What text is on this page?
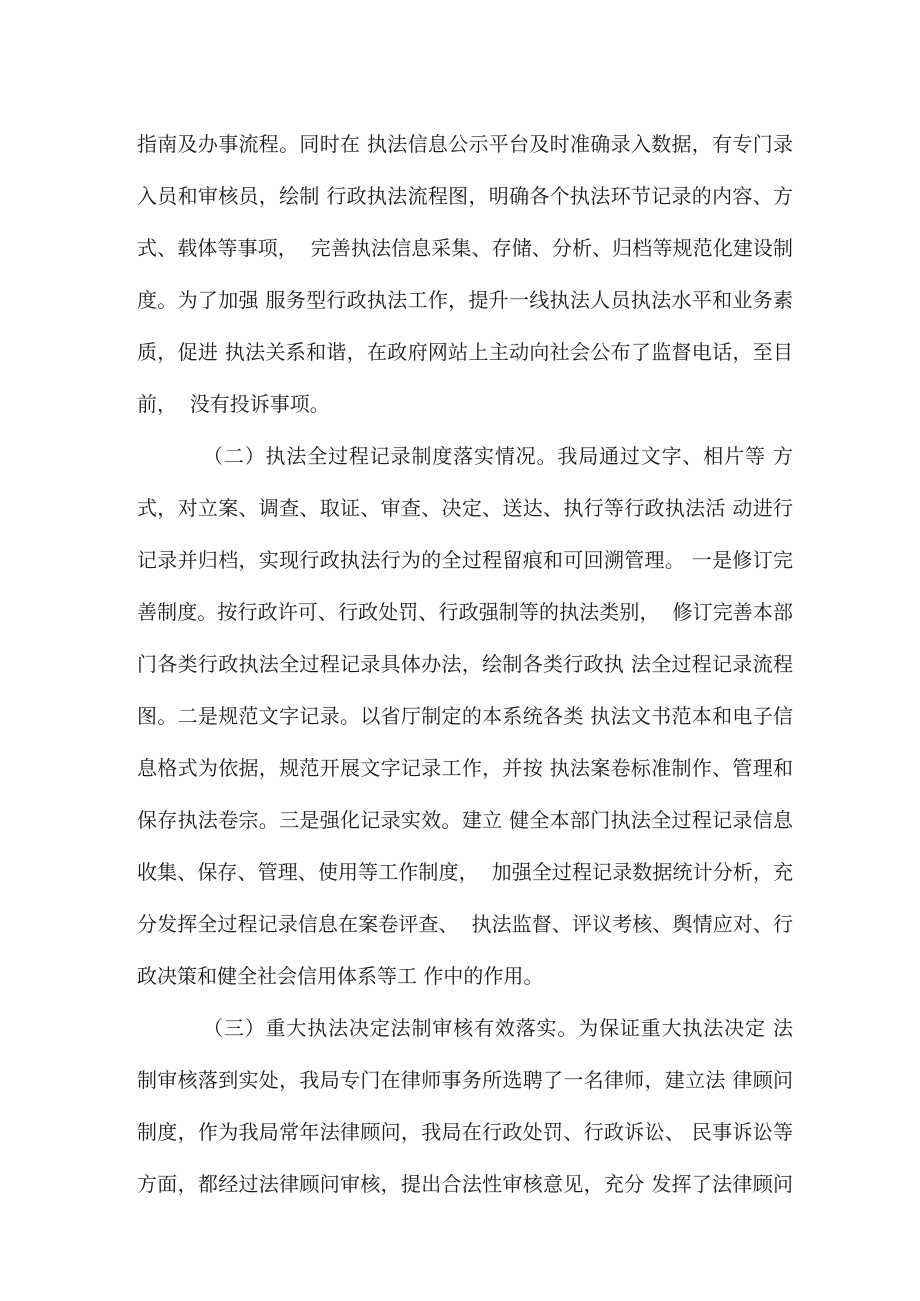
指南及办事流程。同时在 执法信息公示平台及时准确录入数据，有专门录
入员和审核员，绘制 行政执法流程图，明确各个执法环节记录的内容、方
式、载体等事项，  完善执法信息采集、存储、分析、归档等规范化建设制
度。为了加强 服务型行政执法工作，提升一线执法人员执法水平和业务素
质，促进 执法关系和谐，在政府网站上主动向社会公布了监督电话，至目
前，  没有投诉事项。
（二）执法全过程记录制度落实情况。我局通过文字、相片等 方
式，对立案、调查、取证、审查、决定、送达、执行等行政执法活 动进行
记录并归档，实现行政执法行为的全过程留痕和可回溯管理。 一是修订完
善制度。按行政许可、行政处罚、行政强制等的执法类别，  修订完善本部
门各类行政执法全过程记录具体办法，绘制各类行政执 法全过程记录流程
图。二是规范文字记录。以省厅制定的本系统各类 执法文书范本和电子信
息格式为依据，规范开展文字记录工作，并按 执法案卷标准制作、管理和
保存执法卷宗。三是强化记录实效。建立 健全本部门执法全过程记录信息
收集、保存、管理、使用等工作制度，  加强全过程记录数据统计分析，充
分发挥全过程记录信息在案卷评查、  执法监督、评议考核、舆情应对、行
政决策和健全社会信用体系等工 作中的作用。
（三）重大执法决定法制审核有效落实。为保证重大执法决定 法
制审核落到实处，我局专门在律师事务所选聘了一名律师，建立法 律顾问
制度，作为我局常年法律顾问，我局在行政处罚、行政诉讼、 民事诉讼等
方面，都经过法律顾问审核，提出合法性审核意见，充分 发挥了法律顾问
